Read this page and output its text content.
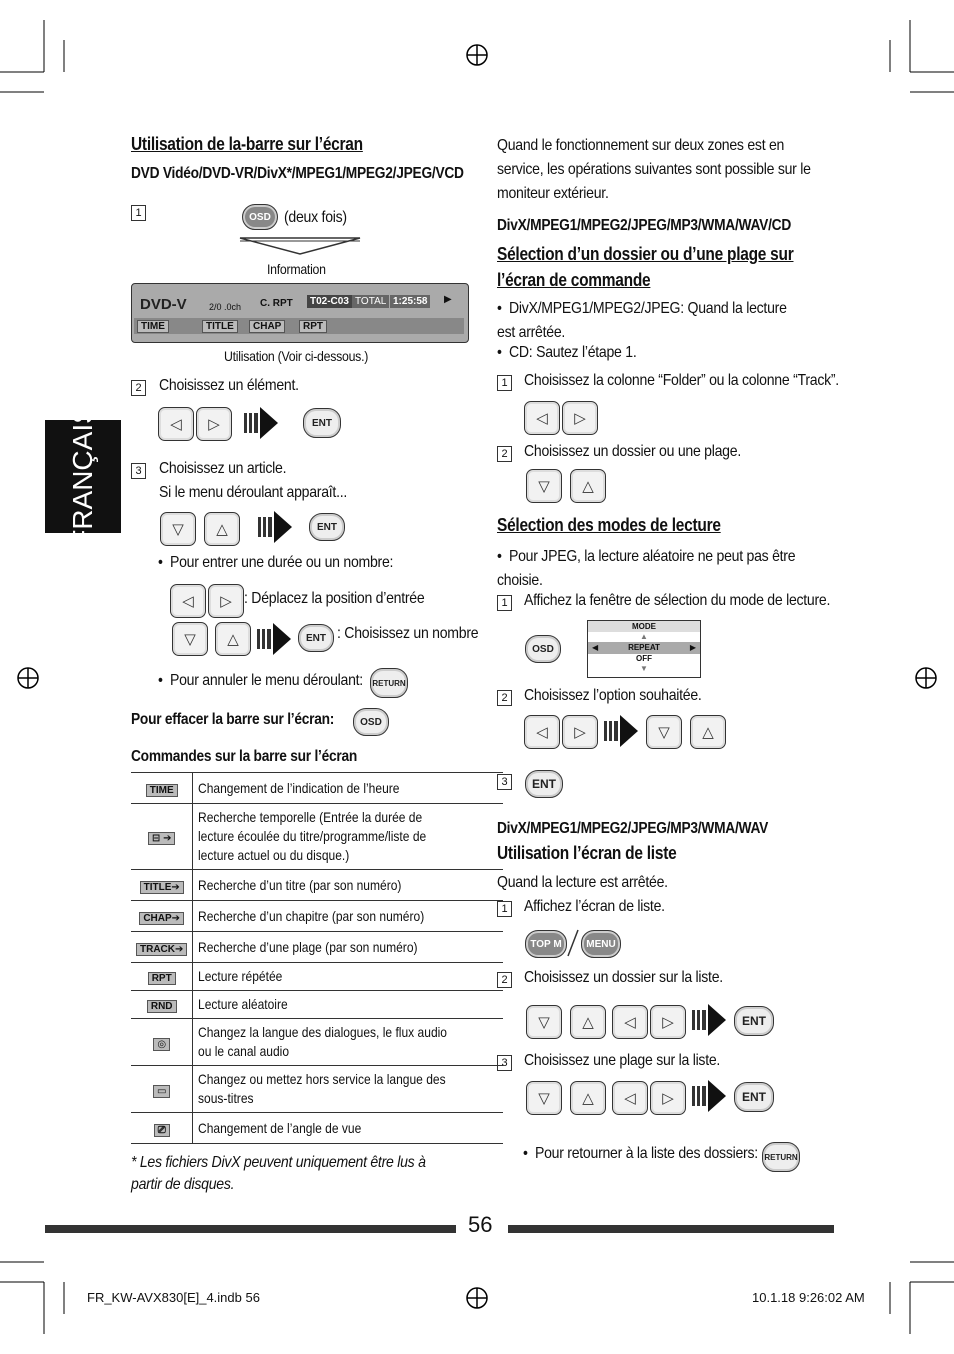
FRANÇAIS
Utilisation de la-barre sur l’écran
DVD Vidéo/DVD-VR/DivX*/MPEG1/MPEG2/JPEG/VCD
1	OSD (deux fois)
Information
DVD-V 2/0 .0ch C. RPT	T02-C03 TOTAL 1:25:58	▶
TIME	TITLE	CHAP	RPT
Utilisation (Voir ci-dessous.)
2 Choisissez un élément.
◁	▷	ENT
3 Choisissez un article.
Si le menu déroulant apparaît...
▽	△	ENT
•  Pour entrer une durée ou un nombre:
◁	▷ : Déplacez la position d’entrée
▽	△	ENT : Choisissez un nombre
•  Pour annuler le menu déroulant: RETURN
Pour effacer la barre sur l’écran:	OSD
Commandes sur la barre sur l’écran
TIME	Changement de l’indication de l’heure

⊟ ➔	Recherche temporelle (Entrée la durée de lecture écoulée du titre/programme/liste de lecture actuel ou du disque.)

TITLE➔	Recherche d’un titre (par son numéro)

CHAP➔	Recherche d’un chapitre (par son numéro)

TRACK➔	Recherche d’une plage (par son numéro)

RPT	Lecture répétée

RND	Lecture aléatoire

◎	Changez la langue des dialogues, le flux audio ou le canal audio

▭	Changez ou mettez hors service la langue des sous-titres

⎚	Changement de l’angle de vue
* Les fichiers DivX peuvent uniquement être lus à partir de disques.
Quand le fonctionnement sur deux zones est en service, les opérations suivantes sont possible sur le moniteur extérieur.
DivX/MPEG1/MPEG2/JPEG/MP3/WMA/WAV/CD
Sélection d’un dossier ou d’une plage sur l’écran de commande
•  DivX/MPEG1/MPEG2/JPEG: Quand la lecture est arrêtée.
•  CD: Sautez l’étape 1.
1 Choisissez la colonne “Folder” ou la colonne “Track”.
◁	▷
2 Choisissez un dossier ou une plage.
▽	△
Sélection des modes de lecture
•  Pour JPEG, la lecture aléatoire ne peut pas être choisie.
1 Affichez la fenêtre de sélection du mode de lecture.
OSD
MODE
▲
◀	REPEAT	▶
OFF
▼
2 Choisissez l’option souhaitée.
◁	▷	▽	△
3	ENT
DivX/MPEG1/MPEG2/JPEG/MP3/WMA/WAV
Utilisation l’écran de liste
Quand la lecture est arrêtée.
1 Affichez l’écran de liste.
TOP M	MENU
2 Choisissez un dossier sur la liste.
▽	△	◁	▷	ENT
3 Choisissez une plage sur la liste.
▽	△	◁	▷	ENT
•  Pour retourner à la liste des dossiers: RETURN
56
FR_KW-AVX830[E]_4.indb 56	10.1.18 9:26:02 AM
